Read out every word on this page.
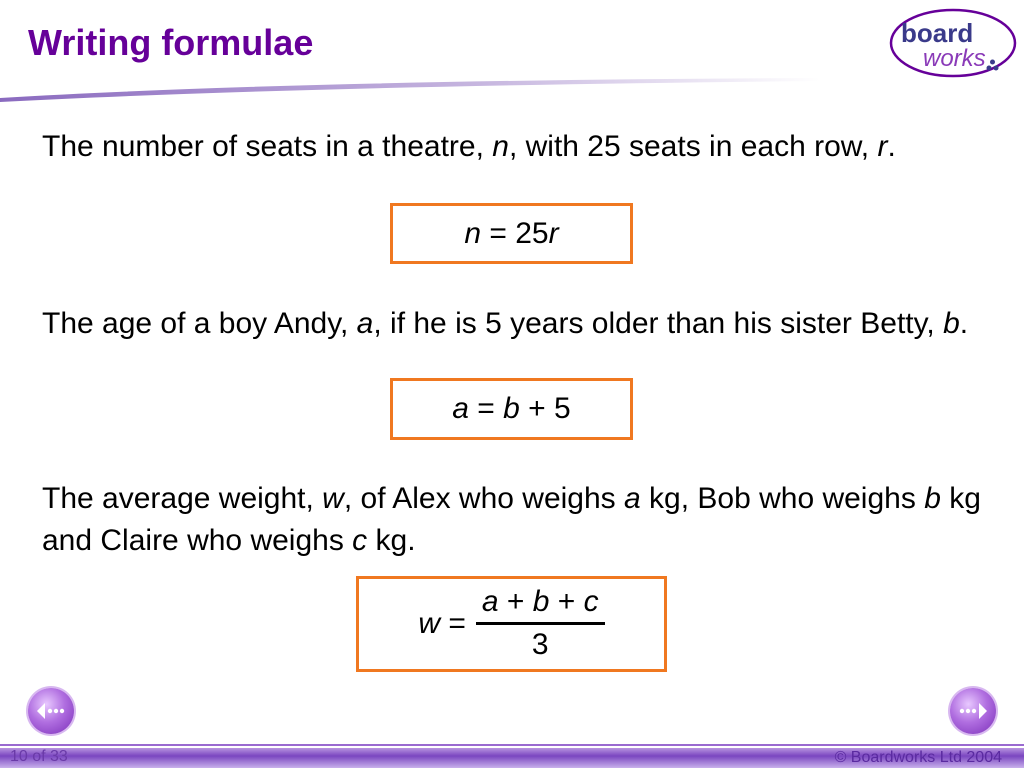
Writing formulae	board
works

The number of seats in a theatre, n, with 25 seats in each row, r.

n = 25r

The age of a boy Andy, a, if he is 5 years older than his sister Betty, b.

a = b + 5

The average weight, w, of Alex who weighs a kg, Bob who weighs b kg and Claire who weighs c kg.

$w = \frac{a + b + c}{3}$
10 of 33	© Boardworks Ltd 2004
